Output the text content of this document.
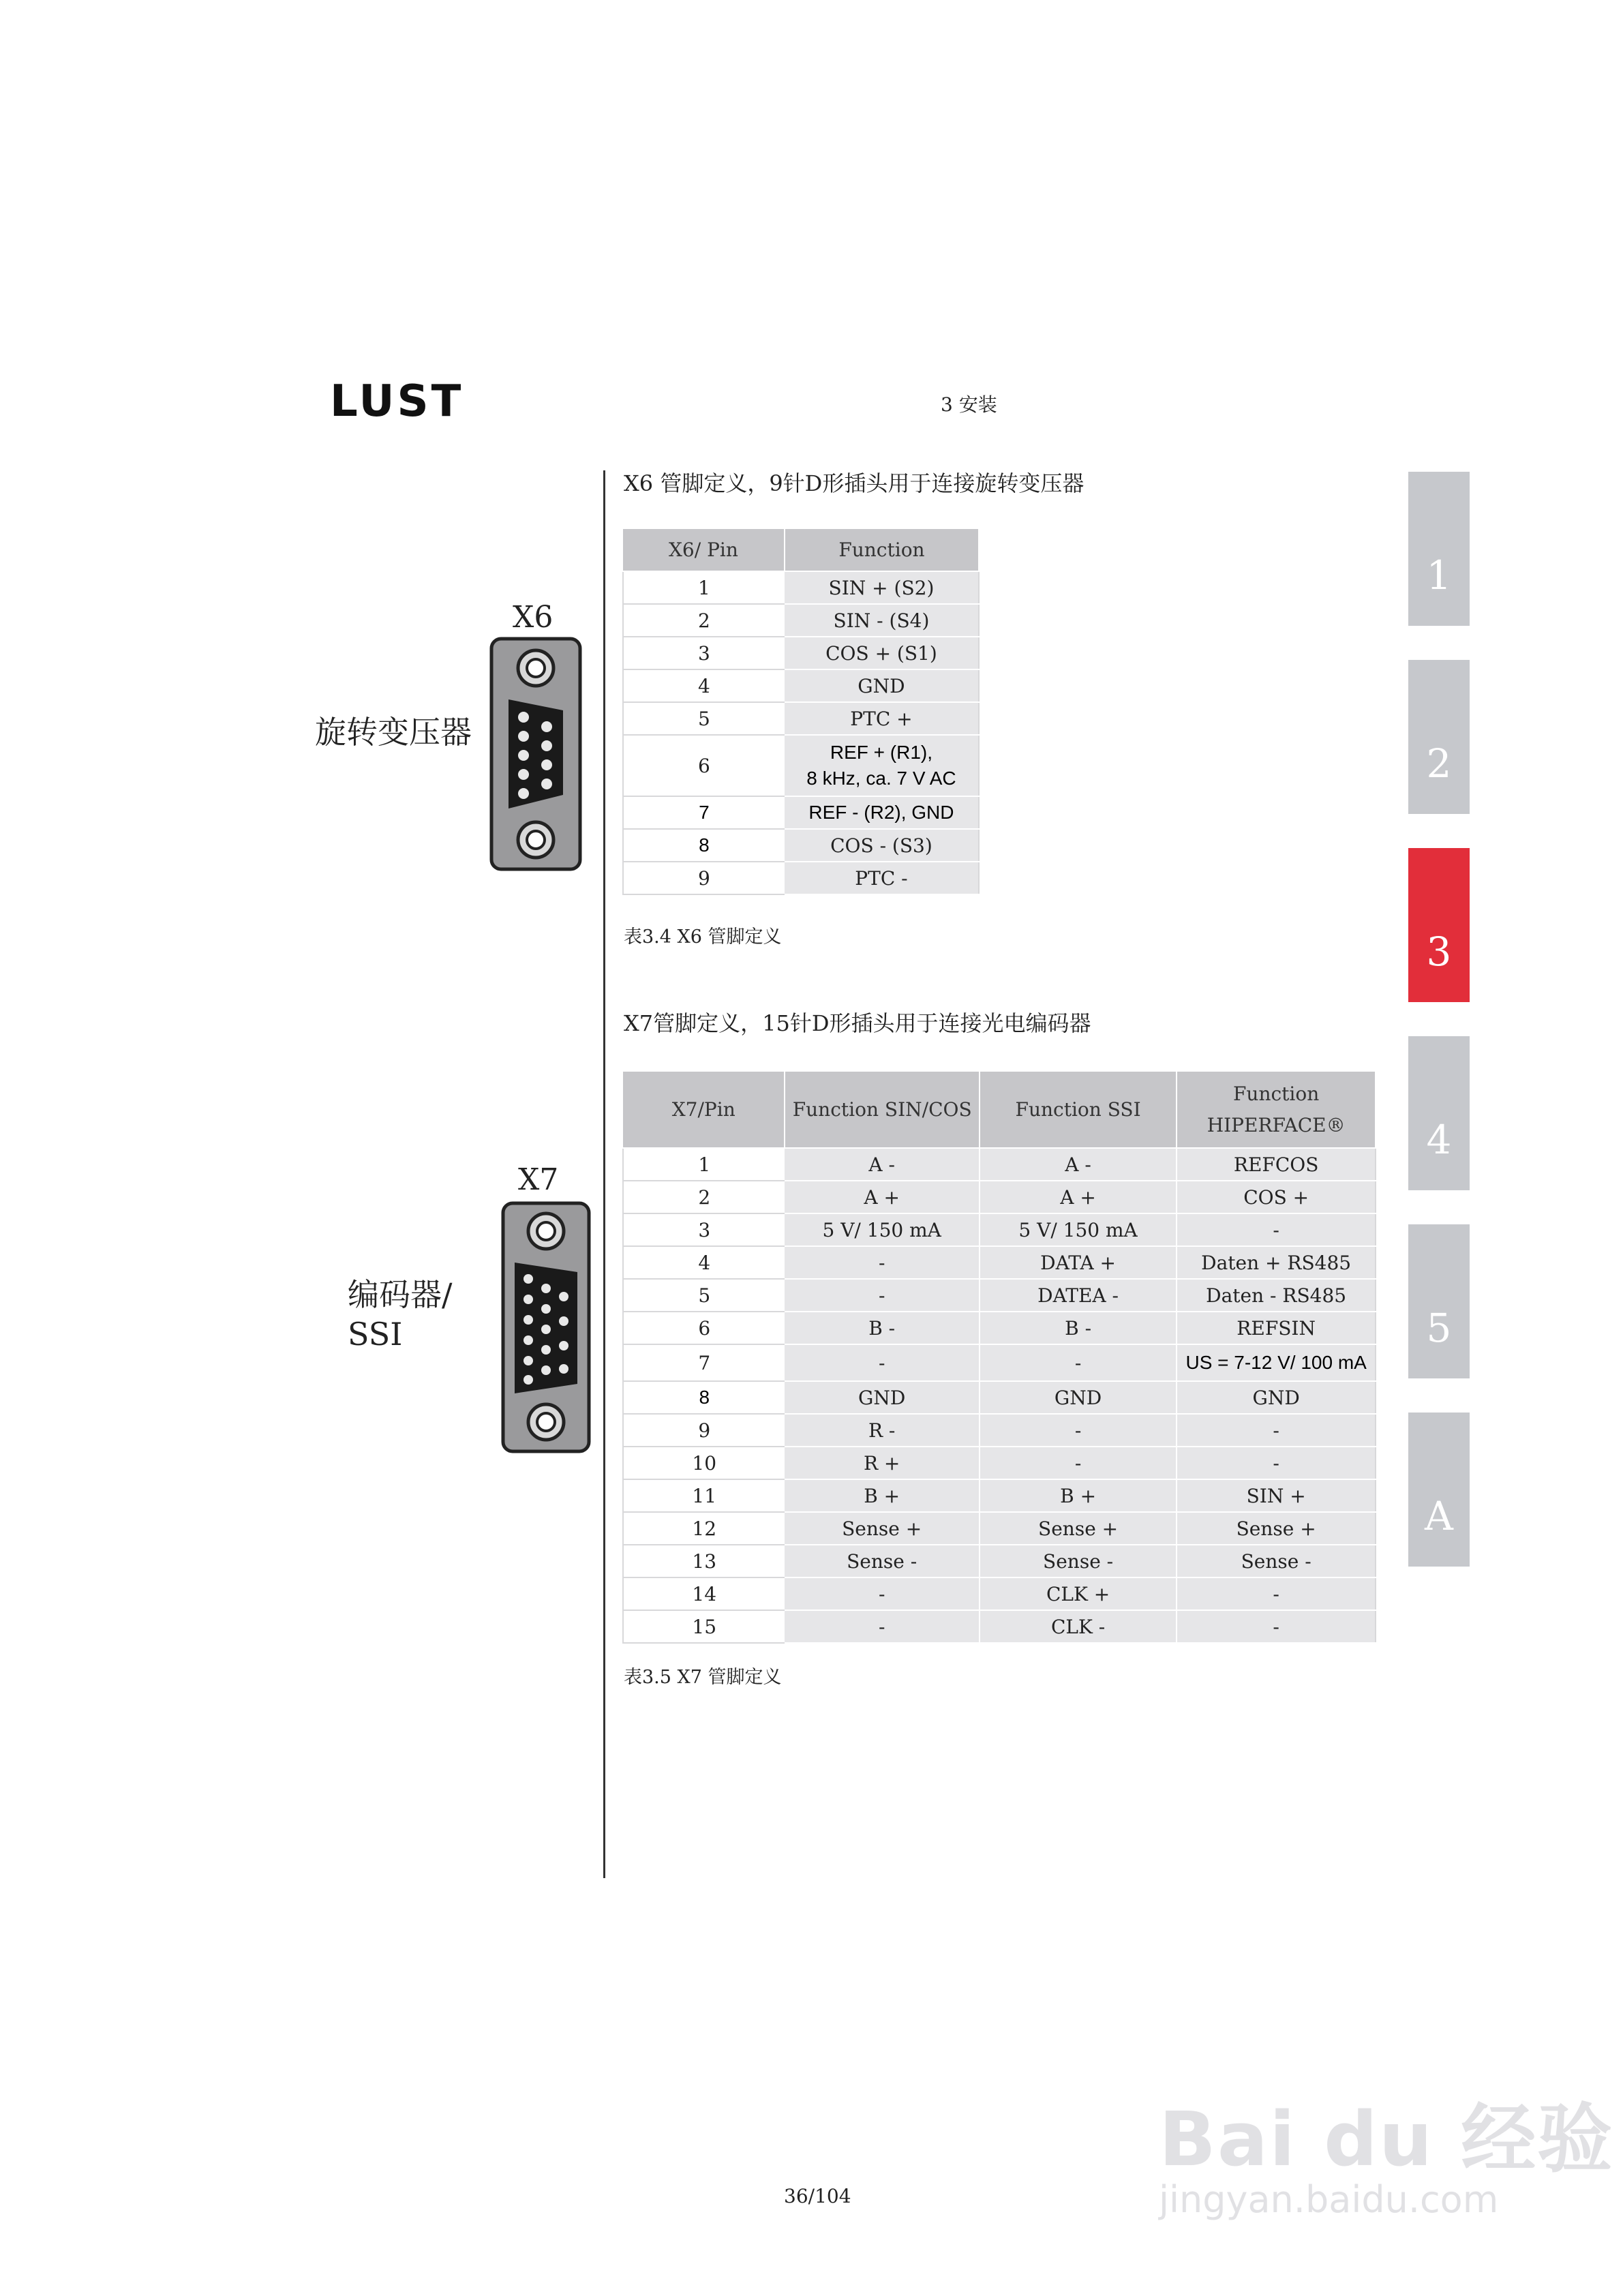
LUST	3 安装
X6 管脚定义，9针D形插头用于连接旋转变压器
X6
旋转变压器
X6/ Pin	Function
1	SIN + (S2)
2	SIN - (S4)
3	COS + (S1)
4	GND
5	PTC +
6	REF + (R1),
8 kHz, ca. 7 V AC
7	REF - (R2), GND
8	COS - (S3)
9	PTC -
表3.4 X6 管脚定义
X7管脚定义，15针D形插头用于连接光电编码器
X7
编码器/
SSI
X7/Pin	Function SIN/COS	Function SSI	Function
HIPERFACE®

1	A -	A -	REFCOS
2	A +	A +	COS +
3	5 V/ 150 mA	5 V/ 150 mA	-
4	-	DATA +	Daten + RS485
5	-	DATEA -	Daten - RS485
6	B -	B -	REFSIN
7	-	-	US = 7-12 V/ 100 mA
8	GND	GND	GND
9	R -	-	-
10	R +	-	-
11	B +	B +	SIN +
12	Sense +	Sense +	Sense +
13	Sense -	Sense -	Sense -
14	-	CLK +	-
15	-	CLK -	-
表3.5 X7 管脚定义
1
2
3
4
5
A
36/104
Bai du 经验
jingyan.baidu.com
